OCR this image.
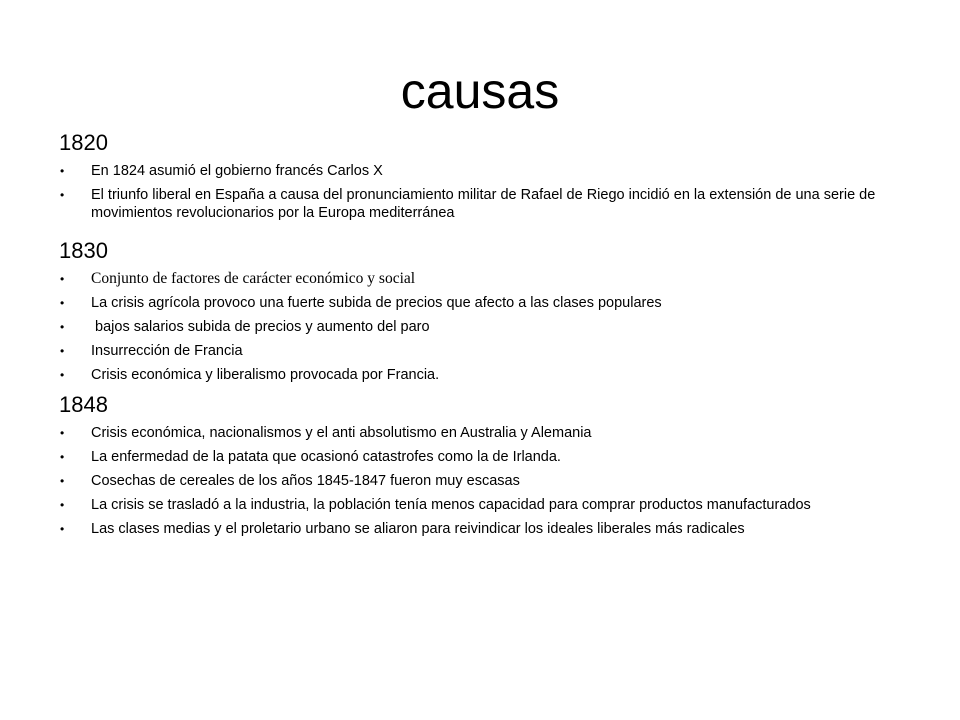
causas
1820
• En 1824 asumió el gobierno francés Carlos X
• El triunfo liberal en España a causa del pronunciamiento militar de Rafael de Riego incidió en la extensión de una serie de movimientos revolucionarios por la Europa mediterránea
1830
• Conjunto de factores de carácter económico y social
• La crisis agrícola provoco una fuerte subida de precios que afecto a las clases populares
• bajos salarios subida de precios y aumento del paro
• Insurrección de Francia
• Crisis económica y liberalismo provocada por Francia.
1848
• Crisis económica, nacionalismos y el anti absolutismo en Australia y Alemania
• La enfermedad de la patata que ocasionó catastrofes como la de Irlanda.
• Cosechas de cereales de los años 1845-1847 fueron muy escasas
• La crisis se trasladó a la industria, la población tenía menos capacidad para comprar productos manufacturados
• Las clases medias y el proletario urbano se aliaron para reivindicar los ideales liberales más radicales
